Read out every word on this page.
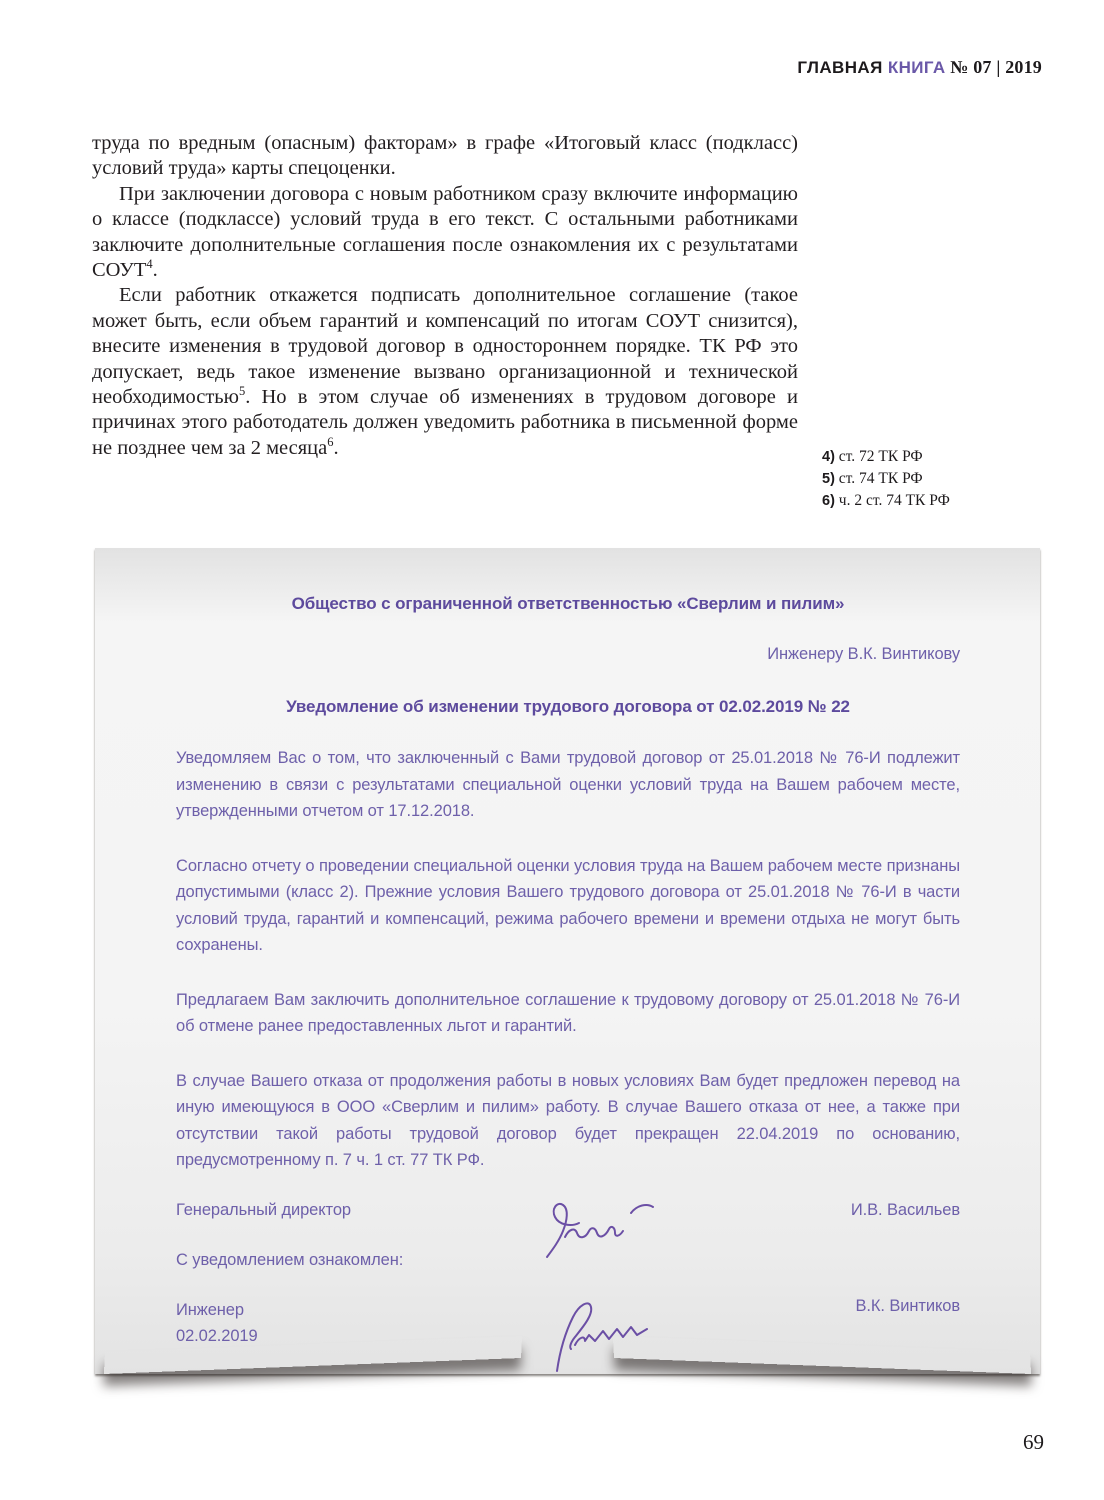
ГЛАВНАЯ КНИГА № 07 | 2019

труда по вредным (опасным) факторам» в графе «Итоговый класс (подкласс) условий труда» карты спецоценки.

При заключении договора с новым работником сразу включите информацию о классе (подклассе) условий труда в его текст. С остальными работниками заключите дополнительные соглашения после ознакомления их с результатами СОУТ$^4$.

Если работник откажется подписать дополнительное соглашение (такое может быть, если объем гарантий и компенсаций по итогам СОУТ снизится), внесите изменения в трудовой договор в одностороннем порядке. ТК РФ это допускает, ведь такое изменение вызвано организационной и технической необходимостью$^5$. Но в этом случае об изменениях в трудовом договоре и причинах этого работодатель должен уведомить работника в письменной форме не позднее чем за 2 месяца$^6$.	4) ст. 72 ТК РФ
5) ст. 74 ТК РФ
6) ч. 2 ст. 74 ТК РФ

Общество с ограниченной ответственностью «Сверлим и пилим»

Инженеру В.К. Винтикову

Уведомление об изменении трудового договора от 02.02.2019 № 22

Уведомляем Вас о том, что заключенный с Вами трудовой договор от 25.01.2018 № 76-И подлежит изменению в связи с результатами специальной оценки условий труда на Вашем рабочем месте, утвержденными отчетом от 17.12.2018.

Согласно отчету о проведении специальной оценки условия труда на Вашем рабочем месте признаны допустимыми (класс 2). Прежние условия Вашего трудового договора от 25.01.2018 № 76-И в части условий труда, гарантий и компенсаций, режима рабочего времени и времени отдыха не могут быть сохранены.

Предлагаем Вам заключить дополнительное соглашение к трудовому договору от 25.01.2018 № 76-И об отмене ранее предоставленных льгот и гарантий.

В случае Вашего отказа от продолжения работы в новых условиях Вам будет предложен перевод на иную имеющуюся в ООО «Сверлим и пилим» работу. В случае Вашего отказа от нее, а также при отсутствии такой работы трудовой договор будет прекращен 22.04.2019 по основанию, предусмотренному п. 7 ч. 1 ст. 77 ТК РФ.

Генеральный директор	И.В. Васильев

С уведомлением ознакомлен:

Инженер
02.02.2019
В.К. Винтиков
69
